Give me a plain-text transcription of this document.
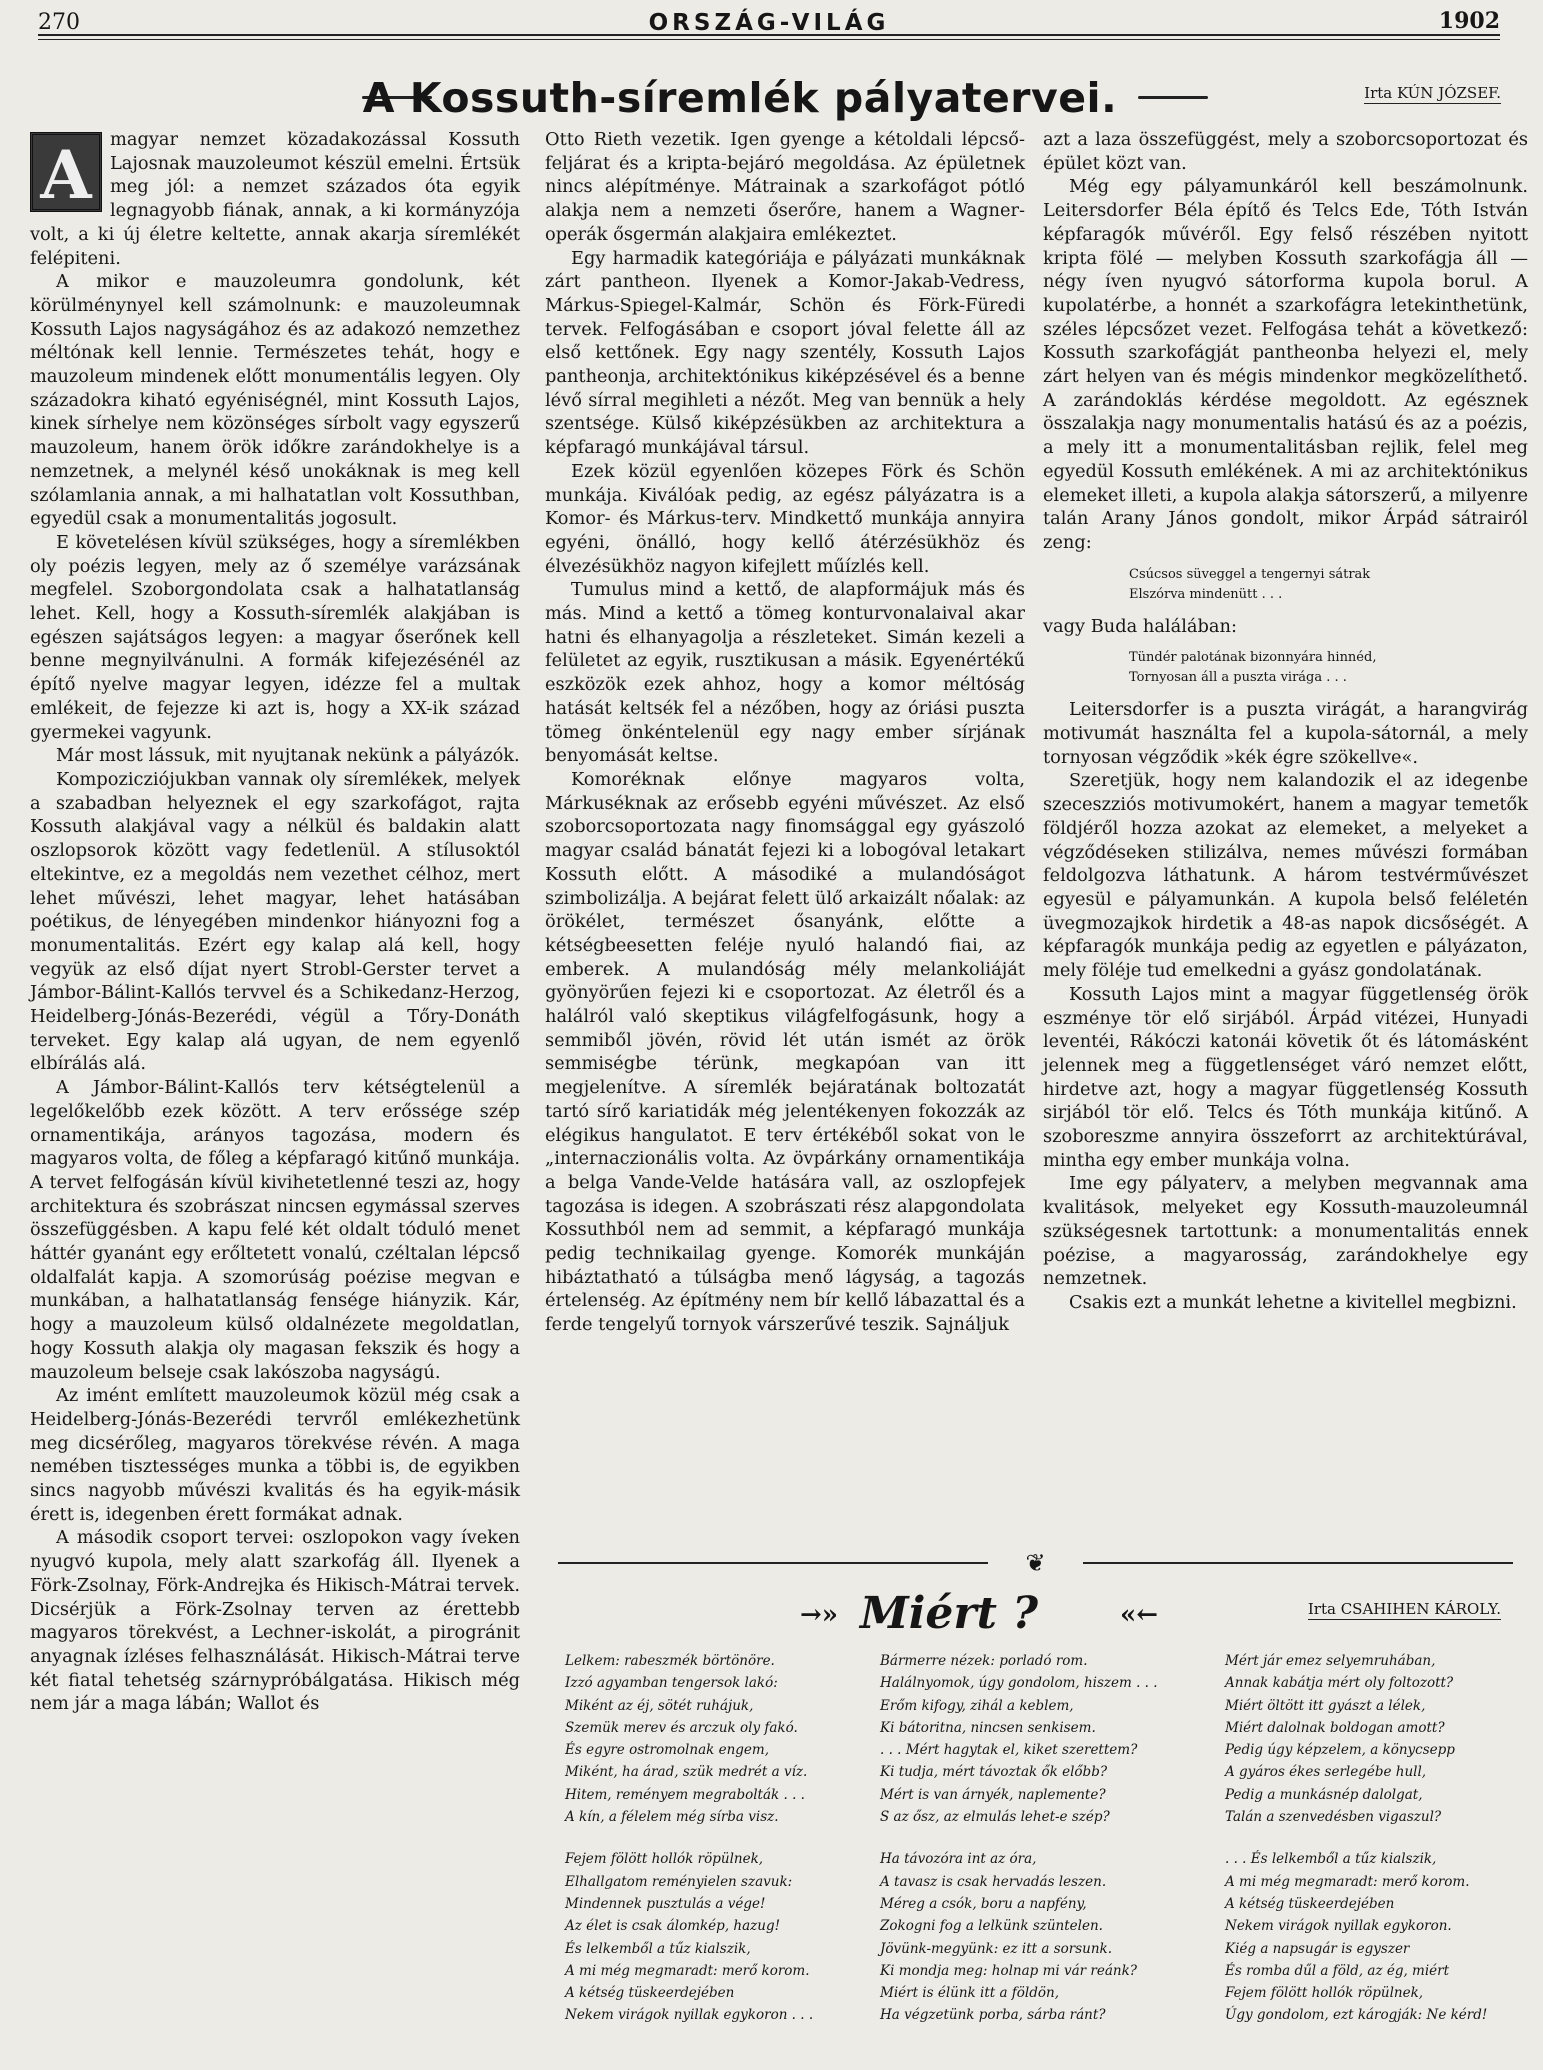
270	ORSZÁG-VILÁG	1902
A Kossuth-síremlék pályatervei.	Irta KÚN JÓZSEF.
A	magyar nemzet közadakozással Kossuth Lajosnak mauzoleumot készül emelni. Értsük meg jól: a nemzet százados óta egyik legnagyobb fiának, annak, a ki kormányzója volt, a ki új életre keltette, annak akarja síremlékét felépiteni.

A mikor e mauzoleumra gondolunk, két körülménynyel kell számolnunk: e mauzoleumnak Kossuth Lajos nagyságához és az adakozó nemzethez méltónak kell lennie. Természetes tehát, hogy e mauzoleum mindenek előtt monumentális legyen. Oly századokra kiható egyéniségnél, mint Kossuth Lajos, kinek sírhelye nem közönséges sírbolt vagy egyszerű mauzoleum, hanem örök időkre zarándokhelye is a nemzetnek, a melynél késő unokáknak is meg kell szólamlania annak, a mi halhatatlan volt Kossuthban, egyedül csak a monumentalitás jogosult.

E követelésen kívül szükséges, hogy a síremlékben oly poézis legyen, mely az ő személye varázsának megfelel. Szoborgondolata csak a halhatatlanság lehet. Kell, hogy a Kossuth-síremlék alakjában is egészen sajátságos legyen: a magyar őserőnek kell benne megnyilvánulni. A formák kifejezésénél az építő nyelve magyar legyen, idézze fel a multak emlékeit, de fejezze ki azt is, hogy a XX-ik század gyermekei vagyunk.

Már most lássuk, mit nyujtanak nekünk a pályázók.

Kompozicziójukban vannak oly síremlékek, melyek a szabadban helyeznek el egy szarkofágot, rajta Kossuth alakjával vagy a nélkül és baldakin alatt oszlopsorok között vagy fedetlenül. A stílusoktól eltekintve, ez a megoldás nem vezethet célhoz, mert lehet művészi, lehet magyar, lehet hatásában poétikus, de lényegében mindenkor hiányozni fog a monumentalitás. Ezért egy kalap alá kell, hogy vegyük az első díjat nyert Strobl-Gerster tervet a Jámbor-Bálint-Kallós tervvel és a Schikedanz-Herzog, Heidelberg-Jónás-Bezerédi, végül a Tőry-Donáth terveket. Egy kalap alá ugyan, de nem egyenlő elbírálás alá.

A Jámbor-Bálint-Kallós terv kétségtelenül a legelőkelőbb ezek között. A terv erőssége szép ornamentikája, arányos tagozása, modern és magyaros volta, de főleg a képfaragó kitűnő munkája. A tervet felfogásán kívül kivihetetlenné teszi az, hogy architektura és szobrászat nincsen egymással szerves összefüggésben. A kapu felé két oldalt tóduló menet háttér gyanánt egy erőltetett vonalú, czéltalan lépcső oldalfalát kapja. A szomorúság poézise megvan e munkában, a halhatatlanság fensége hiányzik. Kár, hogy a mauzoleum külső oldalnézete megoldatlan, hogy Kossuth alakja oly magasan fekszik és hogy a mauzoleum belseje csak lakószoba nagyságú.

Az imént említett mauzoleumok közül még csak a Heidelberg-Jónás-Bezerédi tervről emlékezhetünk meg dicsérőleg, magyaros törekvése révén. A maga nemében tisztességes munka a többi is, de egyikben sincs nagyobb művészi kvalitás és ha egyik-másik érett is, idegenben érett formákat adnak.

A második csoport tervei: oszlopokon vagy íveken nyugvó kupola, mely alatt szarkofág áll. Ilyenek a Förk-Zsolnay, Förk-Andrejka és Hikisch-Mátrai tervek. Dicsérjük a Förk-Zsolnay terven az érettebb magyaros törekvést, a Lechner-iskolát, a pirogránit anyagnak ízléses felhasználását. Hikisch-Mátrai terve két fiatal tehetség szárnypróbálgatása. Hikisch még nem jár a maga lábán; Wallot és

Otto Rieth vezetik. Igen gyenge a kétoldali lépcső-feljárat és a kripta-bejáró megoldása. Az épületnek nincs alépítménye. Mátrainak a szarkofágot pótló alakja nem a nemzeti őserőre, hanem a Wagner-operák ősgermán alakjaira emlékeztet.

Egy harmadik kategóriája e pályázati munkáknak zárt pantheon. Ilyenek a Komor-Jakab-Vedress, Márkus-Spiegel-Kalmár, Schön és Förk-Füredi tervek. Felfogásában e csoport jóval felette áll az első kettőnek. Egy nagy szentély, Kossuth Lajos pantheonja, architektónikus kiképzésével és a benne lévő sírral megihleti a nézőt. Meg van bennük a hely szentsége. Külső kiképzésükben az architektura a képfaragó munkájával társul.

Ezek közül egyenlően közepes Förk és Schön munkája. Kiválóak pedig, az egész pályázatra is a Komor- és Márkus-terv. Mindkettő munkája annyira egyéni, önálló, hogy kellő átérzésükhöz és élvezésükhöz nagyon kifejlett műízlés kell.

Tumulus mind a kettő, de alapformájuk más és más. Mind a kettő a tömeg konturvonalaival akar hatni és elhanyagolja a részleteket. Simán kezeli a felületet az egyik, rusztikusan a másik. Egyenértékű eszközök ezek ahhoz, hogy a komor méltóság hatását keltsék fel a nézőben, hogy az óriási puszta tömeg önkéntelenül egy nagy ember sírjának benyomását keltse.

Komoréknak előnye magyaros volta, Márkuséknak az erősebb egyéni művészet. Az első szoborcsoportozata nagy finomsággal egy gyászoló magyar család bánatát fejezi ki a lobogóval letakart Kossuth előtt. A másodiké a mulandóságot szimbolizálja. A bejárat felett ülő arkaizált nőalak: az örökélet, természet ősanyánk, előtte a kétségbeesetten feléje nyuló halandó fiai, az emberek. A mulandóság mély melankoliáját gyönyörűen fejezi ki e csoportozat. Az életről és a halálról való skeptikus világfelfogásunk, hogy a semmiből jövén, rövid lét után ismét az örök semmiségbe térünk, megkapóan van itt megjelenítve. A síremlék bejáratának boltozatát tartó sírő kariatidák még jelentékenyen fokozzák az elégikus hangulatot. E terv értékéből sokat von le „internaczionális volta. Az övpárkány ornamentikája a belga Vande-Velde hatására vall, az oszlopfejek tagozása is idegen. A szobrászati rész alapgondolata Kossuthból nem ad semmit, a képfaragó munkája pedig technikailag gyenge. Komorék munkáján hibáztatható a túlságba menő lágyság, a tagozás értelenség. Az építmény nem bír kellő lábazattal és a ferde tengelyű tornyok várszerűvé teszik. Sajnáljuk

azt a laza összefüggést, mely a szoborcsoportozat és épület közt van.

Még egy pályamunkáról kell beszámolnunk. Leitersdorfer Béla építő és Telcs Ede, Tóth István képfaragók művéről. Egy felső részében nyitott kripta fölé — melyben Kossuth szarkofágja áll — négy íven nyugvó sátorforma kupola borul. A kupolatérbe, a honnét a szarkofágra letekinthetünk, széles lépcsőzet vezet. Felfogása tehát a következő: Kossuth szarkofágját pantheonba helyezi el, mely zárt helyen van és mégis mindenkor megközelíthető. A zarándoklás kérdése megoldott. Az egésznek összalakja nagy monumentalis hatású és az a poézis, a mely itt a monumentalitásban rejlik, felel meg egyedül Kossuth emlékének. A mi az architektónikus elemeket illeti, a kupola alakja sátorszerű, a milyenre talán Arany János gondolt, mikor Árpád sátrairól zeng:

Csúcsos süveggel a tengernyi sátrak
Elszórva mindenütt . . .

vagy Buda halálában:

Tündér palotának bizonnyára hinnéd,
Tornyosan áll a puszta virága . . .

Leitersdorfer is a puszta virágát, a harangvirág motivumát használta fel a kupola-sátornál, a mely tornyosan végződik »kék égre szökellve«.

Szeretjük, hogy nem kalandozik el az idegenbe szeceszziós motivumokért, hanem a magyar temetők földjéről hozza azokat az elemeket, a melyeket a végződéseken stilizálva, nemes művészi formában feldolgozva láthatunk. A három testvérművészet egyesül e pályamunkán. A kupola belső feléletén üvegmozajkok hirdetik a 48-as napok dicsőségét. A képfaragók munkája pedig az egyetlen e pályázaton, mely föléje tud emelkedni a gyász gondolatának.

Kossuth Lajos mint a magyar függetlenség örök eszménye tör elő sirjából. Árpád vitézei, Hunyadi leventéi, Rákóczi katonái követik őt és látomásként jelennek meg a függetlenséget váró nemzet előtt, hirdetve azt, hogy a magyar függetlenség Kossuth sirjából tör elő. Telcs és Tóth munkája kitűnő. A szoboreszme annyira összeforrt az architektúrával, mintha egy ember munkája volna.

Ime egy pályaterv, a melyben megvannak ama kvalitások, melyeket egy Kossuth-mauzoleumnál szükségesnek tartottunk: a monumentalitás ennek poézise, a magyarosság, zarándokhelye egy nemzetnek.

Csakis ezt a munkát lehetne a kivitellel megbizni.

❦
→» Miért ?	«←	Irta CSAHIHEN KÁROLY.
Lelkem: rabeszmék börtönöre.
Izzó agyamban tengersok lakó:
Miként az éj, sötét ruhájuk,
Szemük merev és arczuk oly fakó.
És egyre ostromolnak engem,
Miként, ha árad, szük medrét a víz.
Hitem, reményem megrabolták . . .
A kín, a félelem még sírba visz.
Fejem fölött hollók röpülnek,
Elhallgatom reményielen szavuk:
Mindennek pusztulás a vége!
Az élet is csak álomkép, hazug!
És lelkemből a tűz kialszik,
A mi még megmaradt: merő korom.
A kétség tüskeerdejében
Nekem virágok nyillak egykoron . . .
Bármerre nézek: porladó rom.
Halálnyomok, úgy gondolom, hiszem . . .
Erőm kifogy, zihál a keblem,
Ki bátoritna, nincsen senkisem.
. . . Mért hagytak el, kiket szerettem?
Ki tudja, mért távoztak ők előbb?
Mért is van árnyék, naplemente?
S az ősz, az elmulás lehet-e szép?
Ha távozóra int az óra,
A tavasz is csak hervadás leszen.
Méreg a csók, boru a napfény,
Zokogni fog a lelkünk szüntelen.
Jövünk-megyünk: ez itt a sorsunk.
Ki mondja meg: holnap mi vár reánk?
Miért is élünk itt a földön,
Ha végzetünk porba, sárba ránt?
Mért jár emez selyemruhában,
Annak kabátja mért oly foltozott?
Miért öltött itt gyászt a lélek,
Miért dalolnak boldogan amott?
Pedig úgy képzelem, a könycsepp
A gyáros ékes serlegébe hull,
Pedig a munkásnép dalolgat,
Talán a szenvedésben vigaszul?
. . . És lelkemből a tűz kialszik,
A mi még megmaradt: merő korom.
A kétség tüskeerdejében
Nekem virágok nyillak egykoron.
Kiég a napsugár is egyszer
És romba dűl a föld, az ég, miért
Fejem fölött hollók röpülnek,
Úgy gondolom, ezt károgják: Ne kérd!
